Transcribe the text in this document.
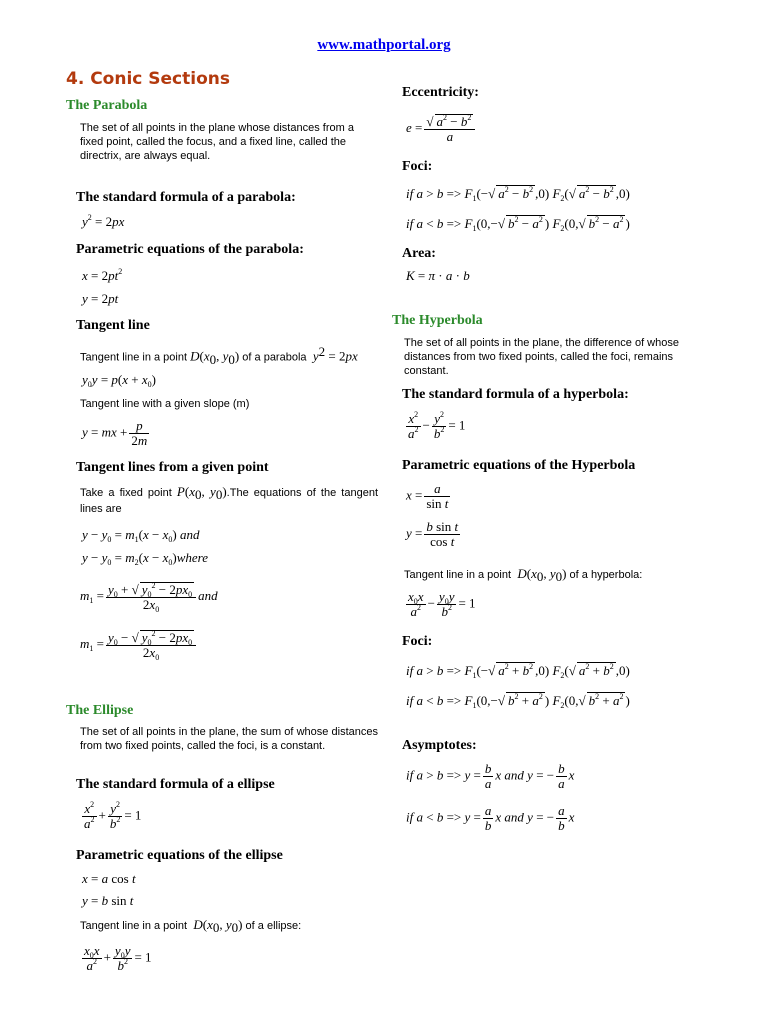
www.mathportal.org
4. Conic Sections
The Parabola
The set of all points in the plane whose distances from a fixed point, called the focus, and a fixed line, called the directrix, are always equal.
The standard formula of a parabola:
$y^2 = 2px$
Parametric equations of the parabola:
$x = 2pt^2$
y = 2pt
Tangent line
Tangent line in a point $D(x_0$, $y_0$) of a parabola  $y^2 = 2px$
$y_0y = p(x + x_0)$
Tangent line with a given slope (m)
y = mx + $\frac{p}{2m}$
Tangent lines from a given point
Take a fixed point $P(x_0$, $y_0).The$ equations of the tangent lines are
$y - y_0 = m_1(x - x_0)$ and
$y - y_0 = m_2(x$ − $x_0)where$
$m_1 = \frac{y_0 + √ y_0^2 - 2px_0}{2x_0}$ and
$m_1 = \frac{y_0 - √ y_0^2 - 2px_0}{2x_0}$
The Ellipse
The set of all points in the plane, the sum of whose distances from two fixed points, called the foci, is a constant.
The standard formula of a ellipse
$\frac{x^2}{a^2} + \frac{y^2}{b^2} = 1$
Parametric equations of the ellipse
x = a cos t
y = b sin t
Tangent line in a point  $D(x_0$, $y_0$) of a ellipse:
$\frac{x_0x}{a^2} + \frac{y_0y}{b^2} = 1$
Eccentricity:
$e = \frac{√ a^2 - b^2}{a}$
Foci:
if $a > b => F_1(-√$ $a^2 - b^2$ ,0) $F_2(√$ $a^2 - b^2$ ,0)
if $a < b => F_1(0,-√$ $b^2 - a^2$ ) $F_2(0,√$ $b^2 - a^2$ )
Area:
K = π · a · b
The Hyperbola
The set of all points in the plane, the difference of whose distances from two fixed points, called the foci, remains constant.
The standard formula of a hyperbola:
$\frac{x^2}{a^2} - \frac{y^2}{b^2} = 1$
Parametric equations of the Hyperbola
$x = \frac{a}{\text{sin t}}$
$y = \frac{\text{b sin t}}{\text{cos t}}$
Tangent line in a point  $D(x_0$, $y_0$) of a hyperbola:
$\frac{x_0x}{a^2} - \frac{y_0y}{b^2} = 1$
Foci:
if $a > b => F_1(-√$ $a^2 + b^2$ ,0) $F_2(√$ $a^2 + b^2$ ,0)
if $a < b => F_1(0,-√$ $b^2 + a^2$ ) $F_2(0,√$ $b^2 + a^2$ )
Asymptotes:
if $a > b => y = \frac{b}{a}$ x and y = − $\frac{b}{a}$ x
if $a < b => y = \frac{a}{b}$ x and y = − $\frac{a}{b}$ x
